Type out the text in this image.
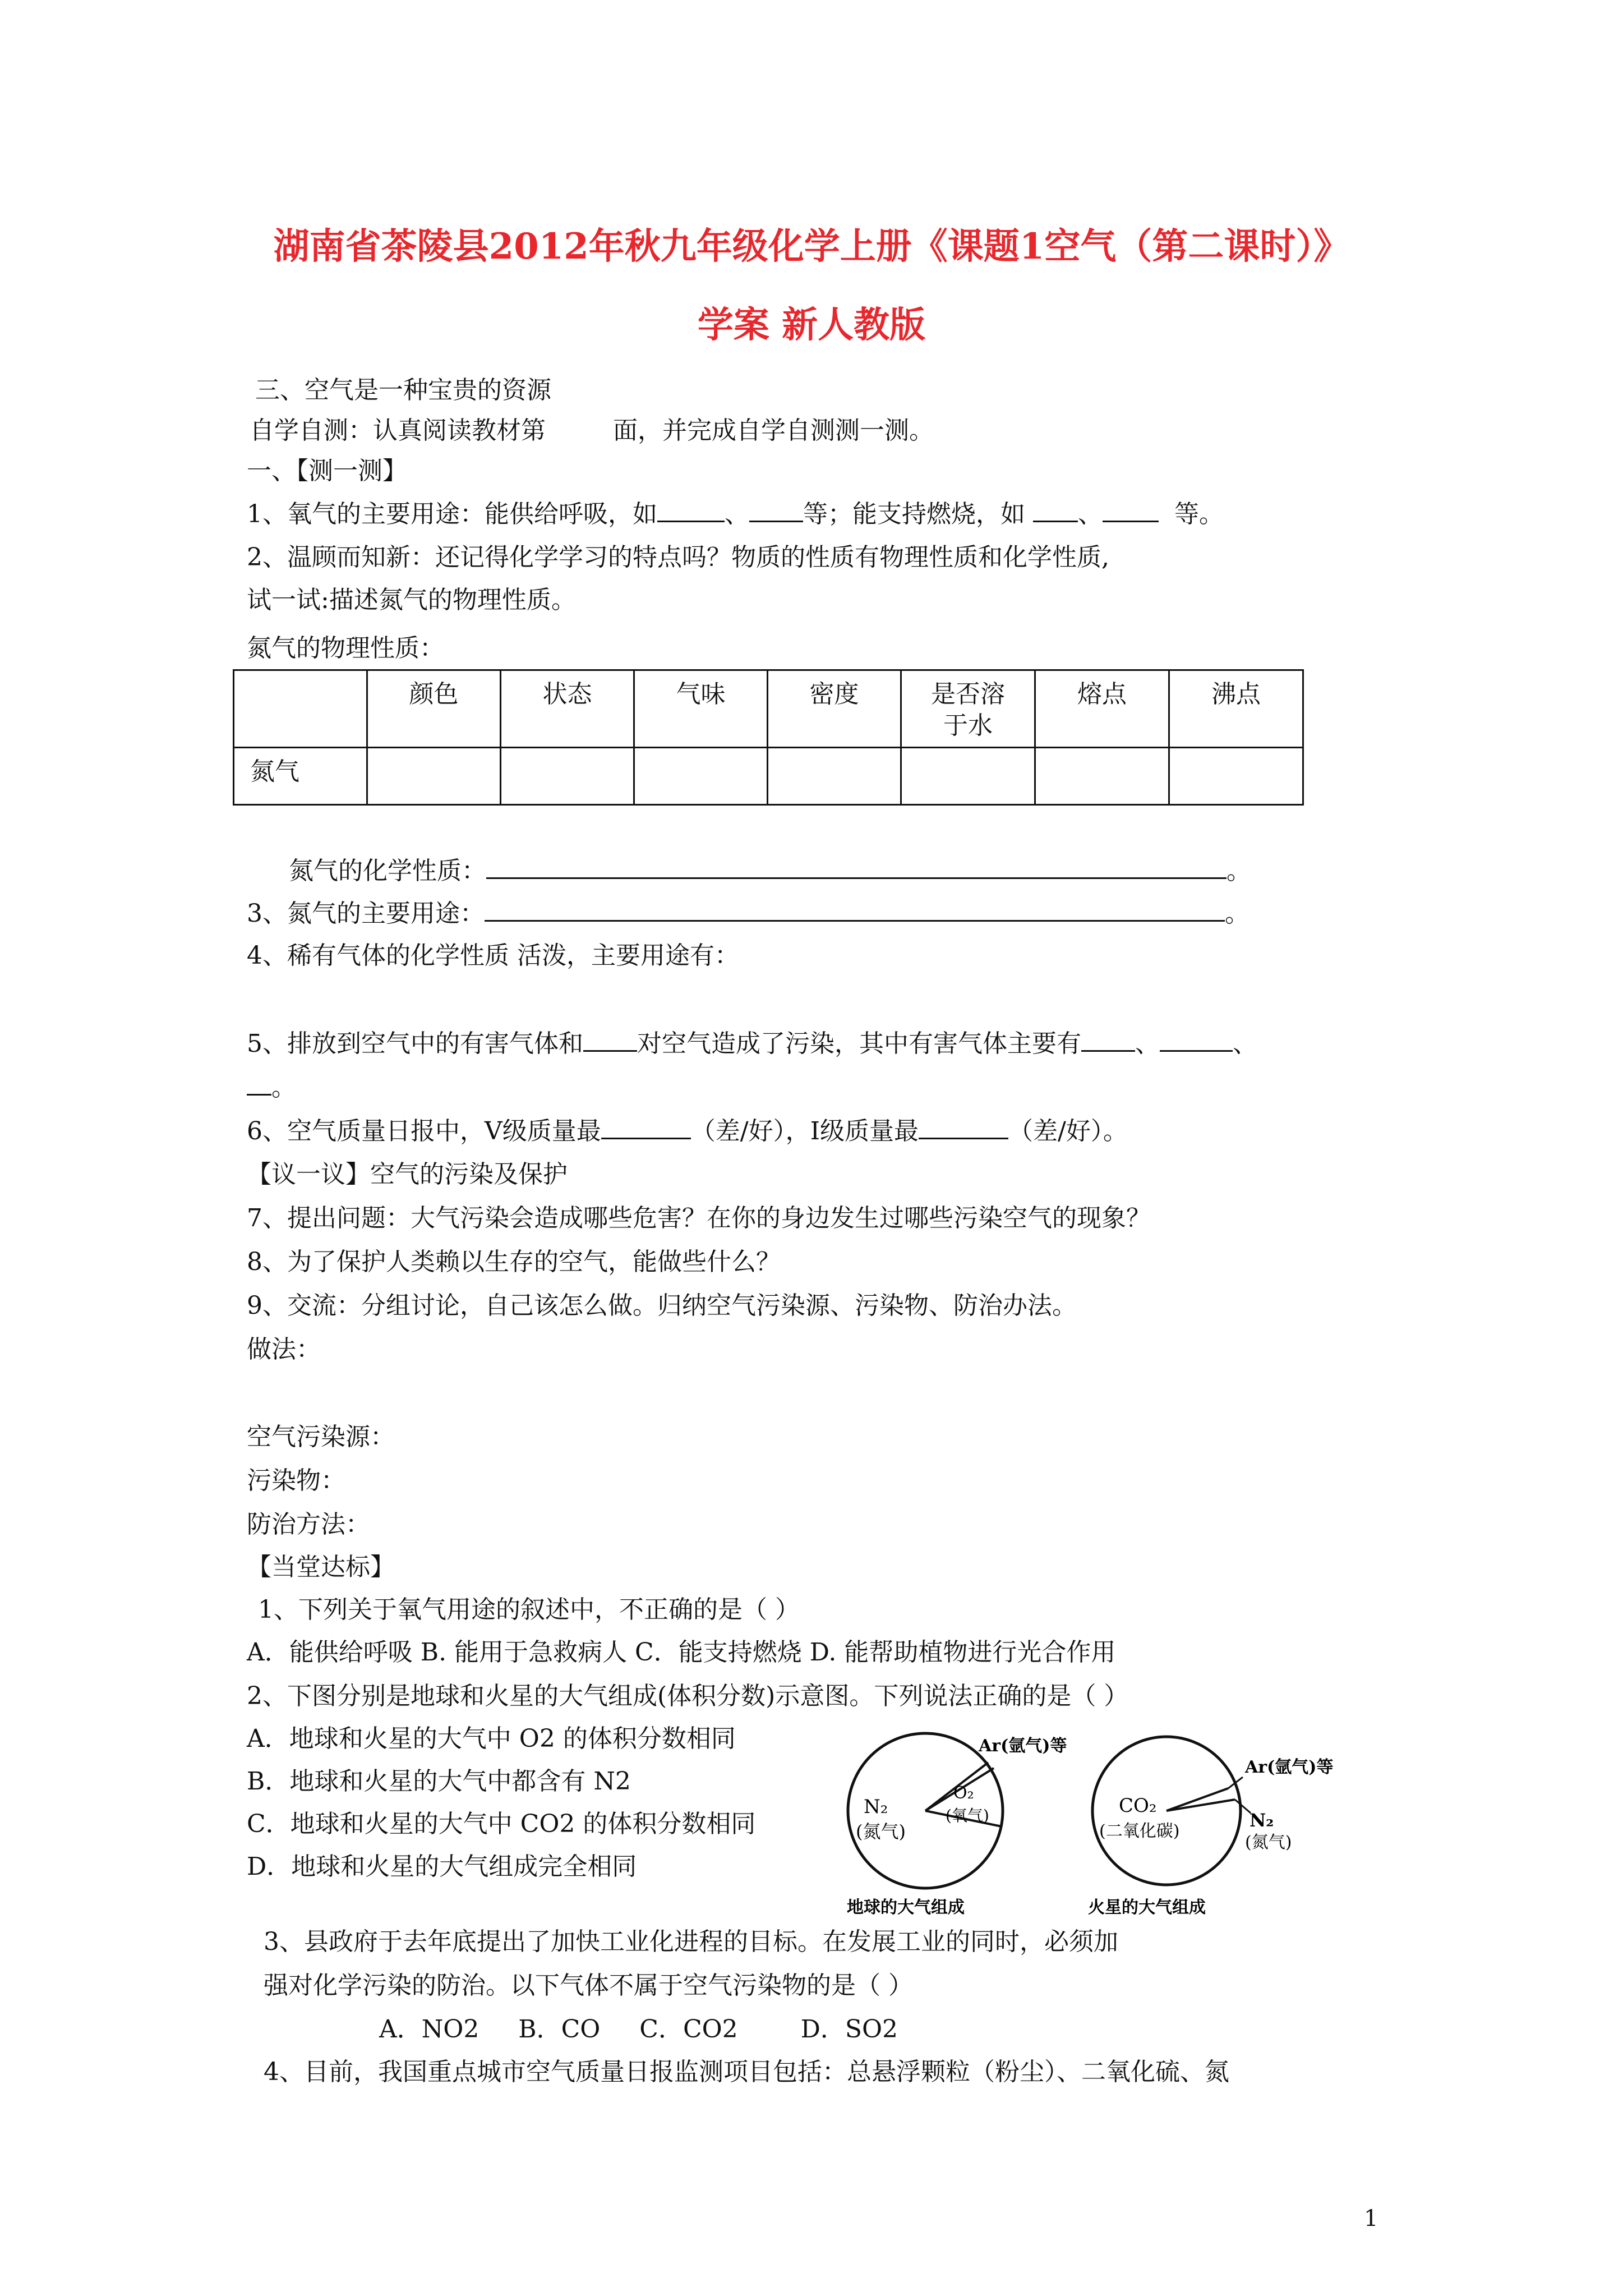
湖南省茶陵县2012年秋九年级化学上册《课题1空气（第二课时）》
学案 新人教版
三、空气是一种宝贵的资源
自学自测：认真阅读教材第	面，并完成自学自测测一测。
一、【测一测】
1、氧气的主要用途：能供给呼吸，如	、 等；能支持燃烧，如 、	等。
2、温顾而知新：还记得化学学习的特点吗？物质的性质有物理性质和化学性质,
试一试:描述氮气的物理性质。
氮气的物理性质：
	颜色	状态	气味	密度	是否溶于水	熔点	沸点
氮气							
氮气的化学性质：	。
3、氮气的主要用途：	。
4、稀有气体的化学性质 活泼，主要用途有：
5、排放到空气中的有害气体和 对空气造成了污染，其中有害气体主要有 、	、
。
6、空气质量日报中，V级质量最	（差/好），I级质量最	（差/好）。
【议一议】空气的污染及保护
7、提出问题：大气污染会造成哪些危害？在你的身边发生过哪些污染空气的现象？
8、为了保护人类赖以生存的空气，能做些什么？
9、交流：分组讨论，自己该怎么做。归纳空气污染源、污染物、防治办法。
做法：
空气污染源：
污染物：
防治方法：
【当堂达标】
1、下列关于氧气用途的叙述中，不正确的是（ ）
A．能供给呼吸 B. 能用于急救病人 C．能支持燃烧 D. 能帮助植物进行光合作用
2、下图分别是地球和火星的大气组成(体积分数)示意图。下列说法正确的是（ ）
A．地球和火星的大气中 O2 的体积分数相同
B．地球和火星的大气中都含有 N2
C．地球和火星的大气中 CO2 的体积分数相同
D．地球和火星的大气组成完全相同
N₂
(氮气)
O₂
(氧气)
Ar(氩气)等
地球的大气组成
CO₂
(二氧化碳)
Ar(氩气)等
N₂
(氮气)
火星的大气组成
3、县政府于去年底提出了加快工业化进程的目标。在发展工业的同时，必须加
强对化学污染的防治。以下气体不属于空气污染物的是（ ）
A．NO2     B．CO     C．CO2        D．SO2
4、目前，我国重点城市空气质量日报监测项目包括：总悬浮颗粒（粉尘）、二氧化硫、氮
1
